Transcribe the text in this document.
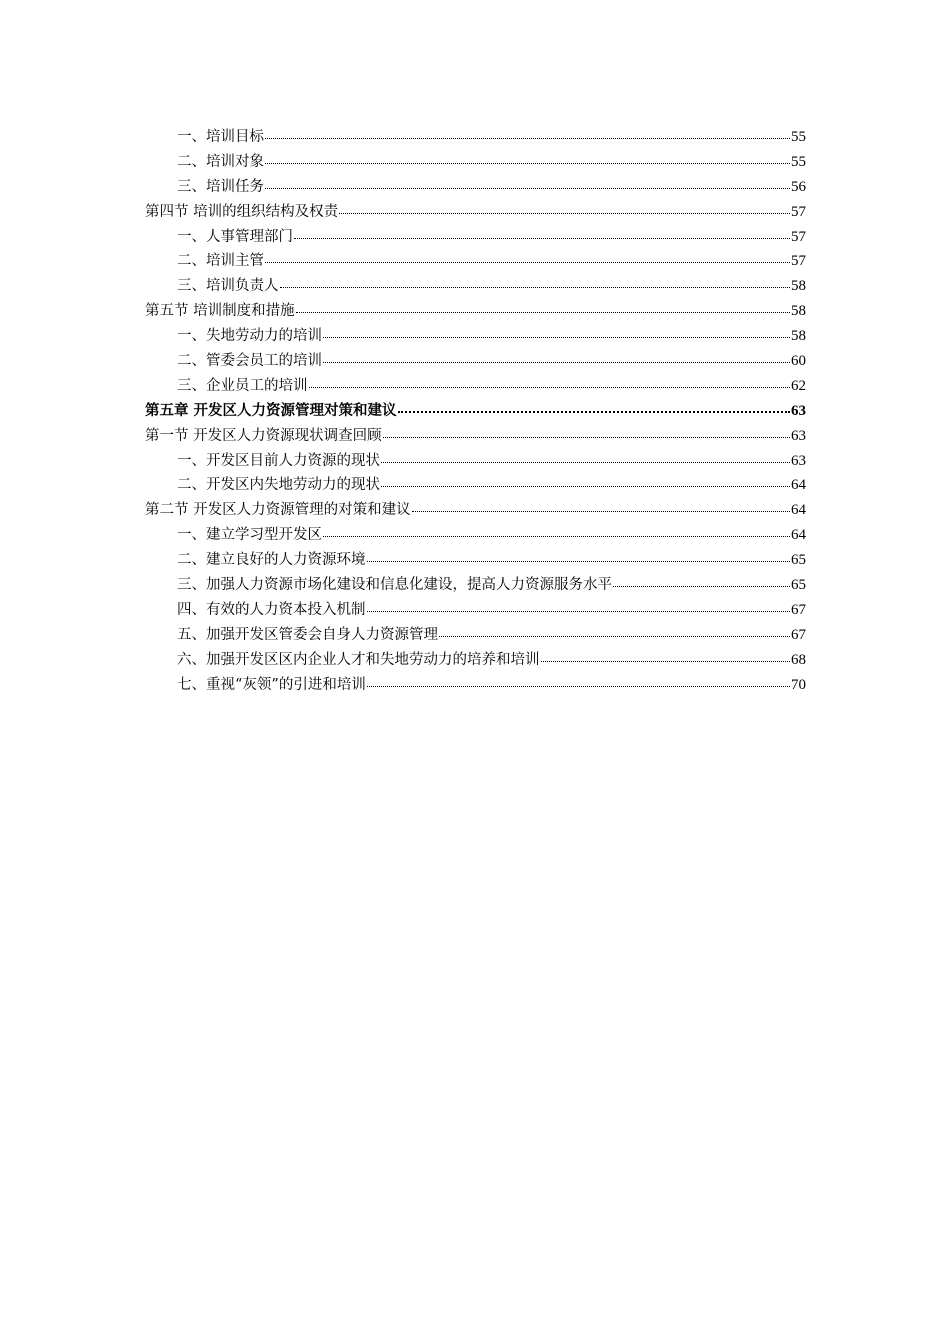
一、培训目标	55
二、培训对象	55
三、培训任务	56
第四节 培训的组织结构及权责	57
一、人事管理部门	57
二、培训主管	57
三、培训负责人	58
第五节 培训制度和措施	58
一、失地劳动力的培训	58
二、管委会员工的培训	60
三、企业员工的培训	62
第五章 开发区人力资源管理对策和建议	63
第一节 开发区人力资源现状调查回顾	63
一、开发区目前人力资源的现状	63
二、开发区内失地劳动力的现状	64
第二节 开发区人力资源管理的对策和建议	64
一、建立学习型开发区	64
二、建立良好的人力资源环境	65
三、加强人力资源市场化建设和信息化建设，提高人力资源服务水平	65
四、有效的人力资本投入机制	67
五、加强开发区管委会自身人力资源管理	67
六、加强开发区区内企业人才和失地劳动力的培养和培训	68
七、重视“灰领”的引进和培训	70
